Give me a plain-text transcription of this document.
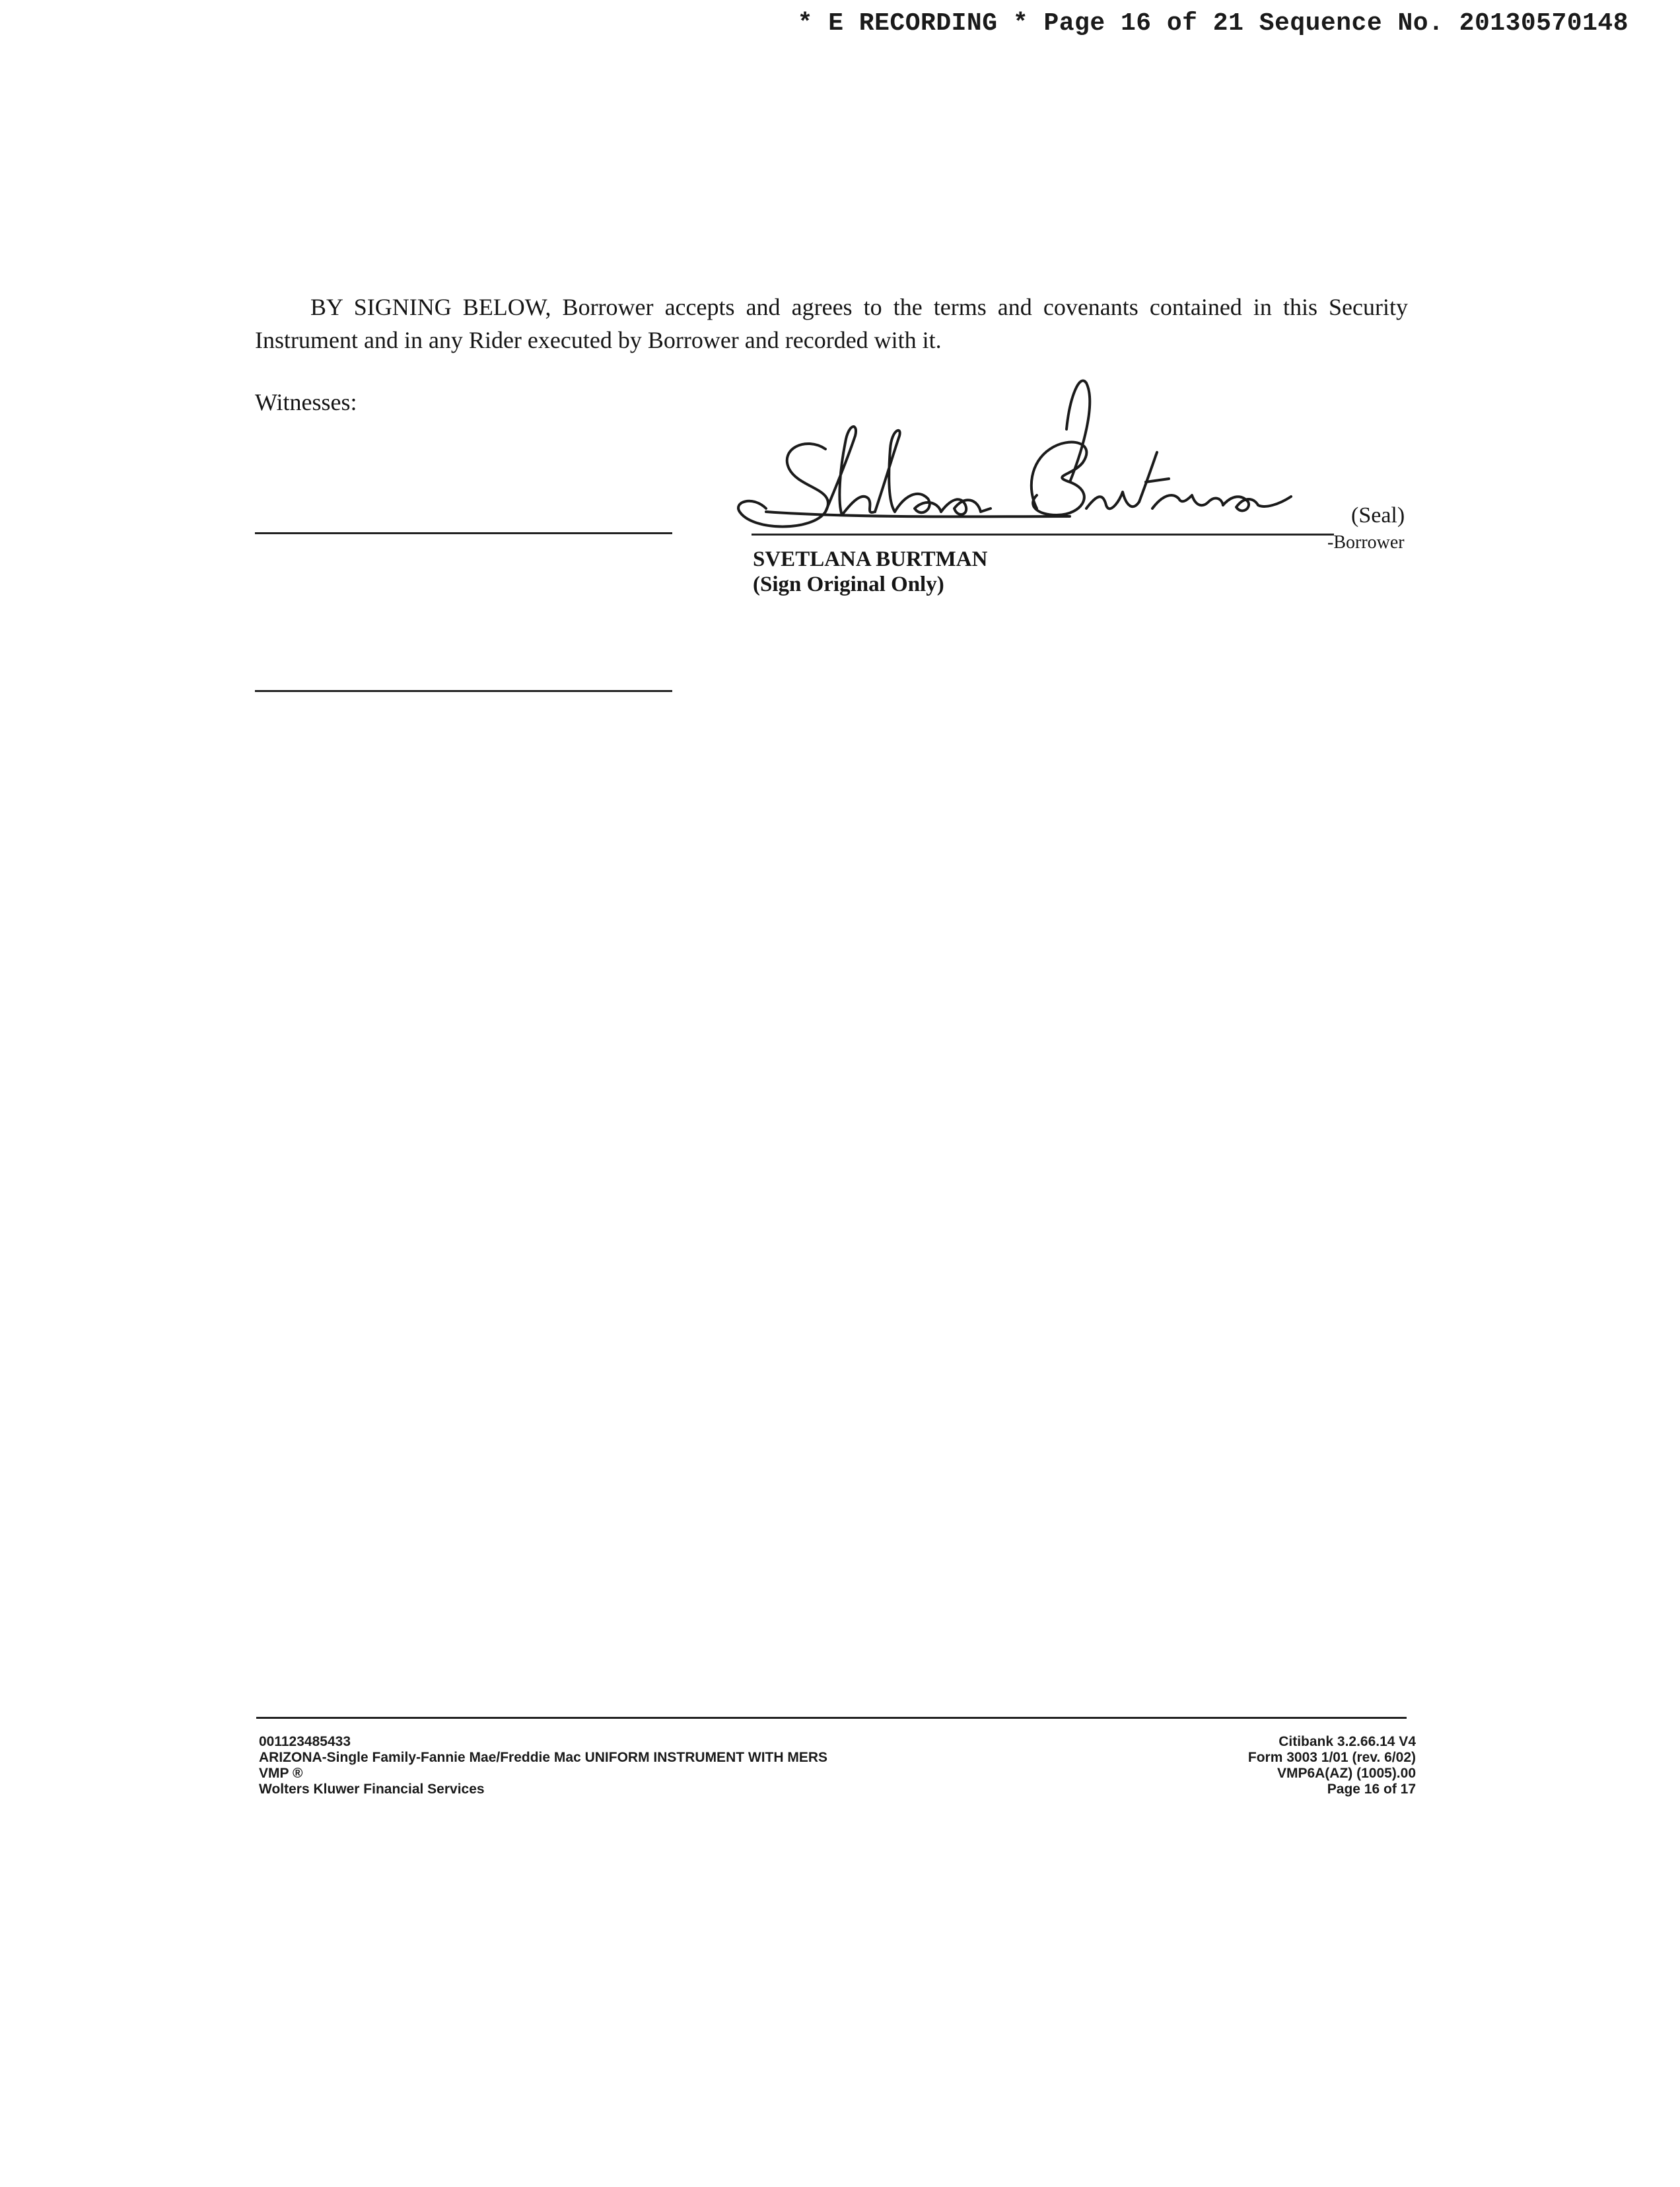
* E RECORDING * Page 16 of 21 Sequence No. 20130570148
BY SIGNING BELOW, Borrower accepts and agrees to the terms and covenants contained in this Security Instrument and in any Rider executed by Borrower and recorded with it.
Witnesses:
(Seal)
-Borrower
SVETLANA BURTMAN
(Sign Original Only)
001123485433
ARIZONA-Single Family-Fannie Mae/Freddie Mac UNIFORM INSTRUMENT WITH MERS
VMP ®
Wolters Kluwer Financial Services
Citibank 3.2.66.14 V4
Form 3003 1/01 (rev. 6/02)
VMP6A(AZ) (1005).00
Page 16 of 17
